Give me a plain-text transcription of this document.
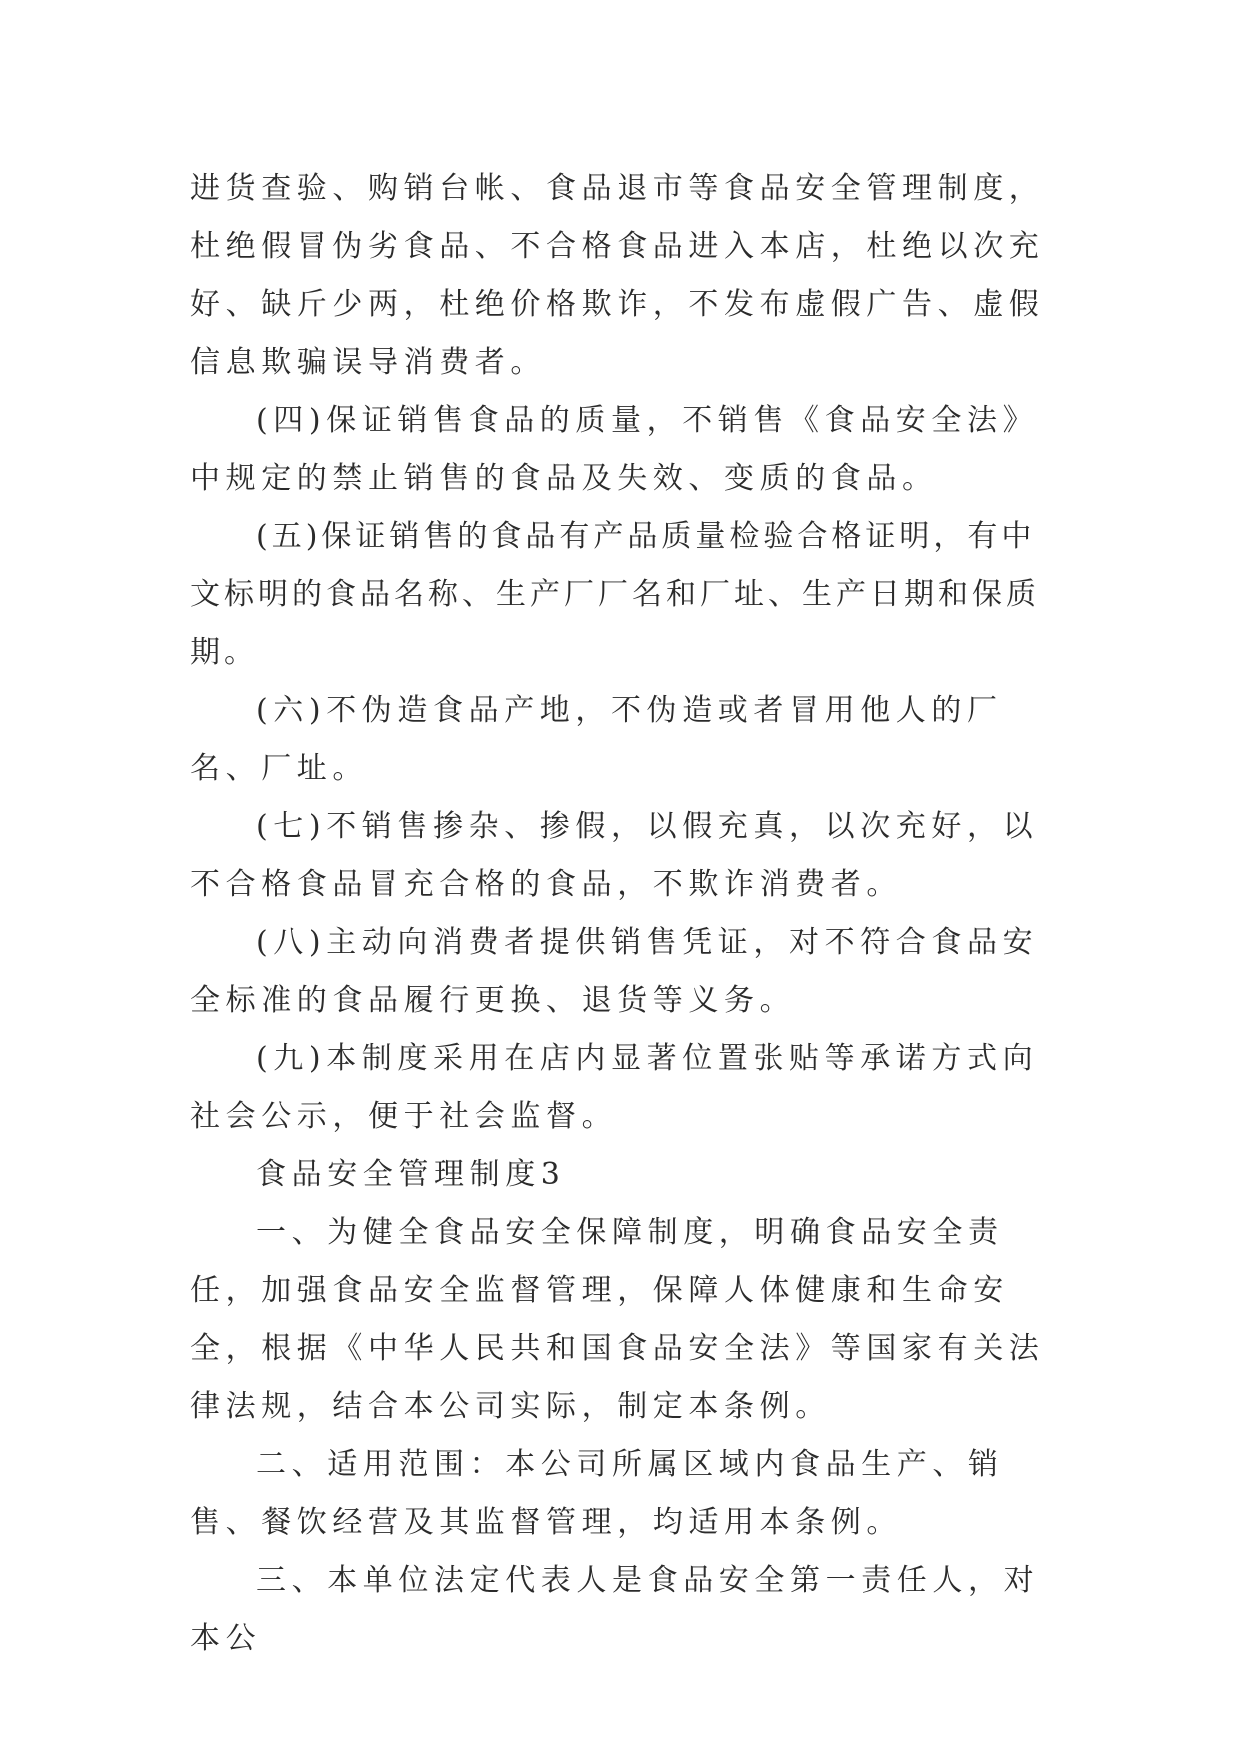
进货查验、购销台帐、食品退市等食品安全管理制度，杜绝假冒伪劣食品、不合格食品进入本店，杜绝以次充好、缺斤少两，杜绝价格欺诈，不发布虚假广告、虚假信息欺骗误导消费者。

(四)保证销售食品的质量，不销售《食品安全法》中规定的禁止销售的食品及失效、变质的食品。

(五)保证销售的食品有产品质量检验合格证明，有中文标明的食品名称、生产厂厂名和厂址、生产日期和保质期。

(六)不伪造食品产地，不伪造或者冒用他人的厂名、厂址。

(七)不销售掺杂、掺假，以假充真，以次充好，以不合格食品冒充合格的食品，不欺诈消费者。

(八)主动向消费者提供销售凭证，对不符合食品安全标准的食品履行更换、退货等义务。

(九)本制度采用在店内显著位置张贴等承诺方式向社会公示，便于社会监督。

食品安全管理制度3

一、为健全食品安全保障制度，明确食品安全责任，加强食品安全监督管理，保障人体健康和生命安全，根据《中华人民共和国食品安全法》等国家有关法律法规，结合本公司实际，制定本条例。

二、适用范围：本公司所属区域内食品生产、销售、餐饮经营及其监督管理，均适用本条例。

三、本单位法定代表人是食品安全第一责任人，对本公
